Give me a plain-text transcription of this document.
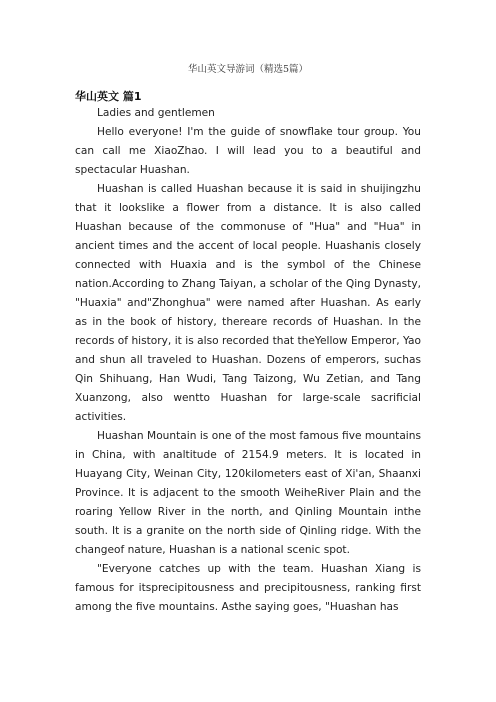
华山英文导游词（精选5篇）
华山英文 篇1

Ladies and gentlemen

Hello everyone! I'm the guide of snowflake tour group. You can call me XiaoZhao. I will lead you to a beautiful and spectacular Huashan.

Huashan is called Huashan because it is said in shuijingzhu that it lookslike a flower from a distance. It is also called Huashan because of the commonuse of "Hua" and "Hua" in ancient times and the accent of local people. Huashanis closely connected with Huaxia and is the symbol of the Chinese nation.According to Zhang Taiyan, a scholar of the Qing Dynasty, "Huaxia" and"Zhonghua" were named after Huashan. As early as in the book of history, thereare records of Huashan. In the records of history, it is also recorded that theYellow Emperor, Yao and shun all traveled to Huashan. Dozens of emperors, suchas Qin Shihuang, Han Wudi, Tang Taizong, Wu Zetian, and Tang Xuanzong, also wentto Huashan for large-scale sacrificial activities.

Huashan Mountain is one of the most famous five mountains in China, with analtitude of 2154.9 meters. It is located in Huayang City, Weinan City, 120kilometers east of Xi'an, Shaanxi Province. It is adjacent to the smooth WeiheRiver Plain and the roaring Yellow River in the north, and Qinling Mountain inthe south. It is a granite on the north side of Qinling ridge. With the changeof nature, Huashan is a national scenic spot.

"Everyone catches up with the team. Huashan Xiang is famous for itsprecipitousness and precipitousness, ranking first among the five mountains. Asthe saying goes, "Huashan has
